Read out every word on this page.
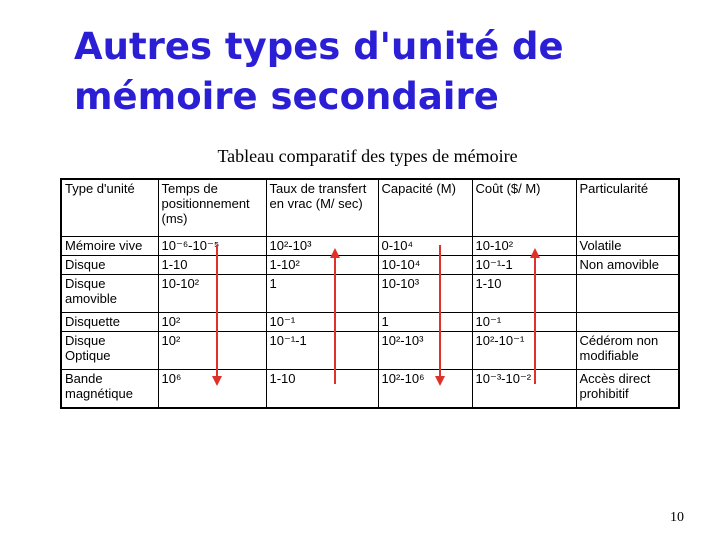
Autres types d'unité de mémoire secondaire
Tableau comparatif des types de mémoire
Type d'unité	Temps de positionnement (ms)	Taux de transfert en vrac (M/ sec)	Capacité (M)	Coût ($/ M)	Particularité
Mémoire vive	10⁻⁶-10⁻⁵	10²-10³	0-10⁴	10-10²	Volatile
Disque	1-10	1-10²	10-10⁴	10⁻¹-1	Non amovible
Disque amovible	10-10²	1	10-10³	1-10	
Disquette	10²	10⁻¹	1	10⁻¹	
Disque Optique	10²	10⁻¹-1	10²-10³	10²-10⁻¹	Cédérom non modifiable
Bande magnétique	10⁶	1-10	10²-10⁶	10⁻³-10⁻²	Accès direct prohibitif
10
